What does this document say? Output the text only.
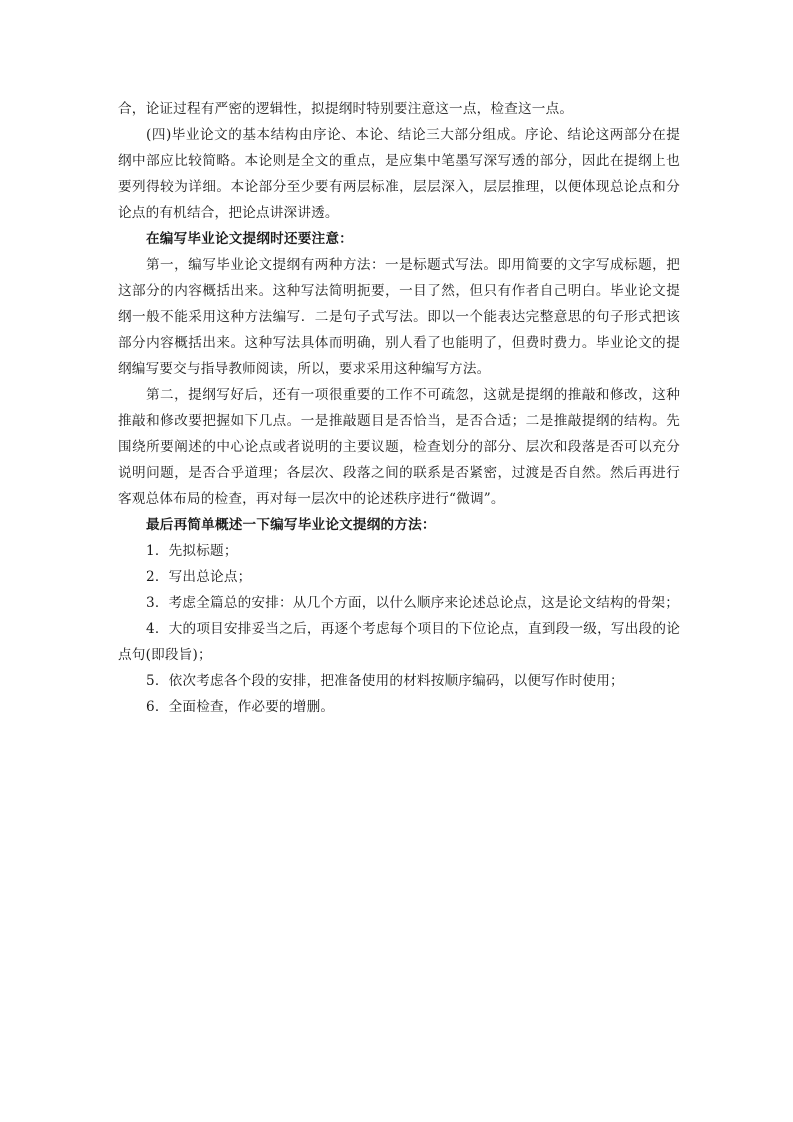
合，论证过程有严密的逻辑性，拟提纲时特别要注意这一点，检查这一点。

(四)毕业论文的基本结构由序论、本论、结论三大部分组成。序论、结论这两部分在提纲中部应比较简略。本论则是全文的重点，是应集中笔墨写深写透的部分，因此在提纲上也要列得较为详细。本论部分至少要有两层标准，层层深入，层层推理，以便体现总论点和分论点的有机结合，把论点讲深讲透。

在编写毕业论文提纲时还要注意：

第一，编写毕业论文提纲有两种方法：一是标题式写法。即用简要的文字写成标题，把这部分的内容概括出来。这种写法简明扼要，一目了然，但只有作者自己明白。毕业论文提纲一般不能采用这种方法编写．二是句子式写法。即以一个能表达完整意思的句子形式把该部分内容概括出来。这种写法具体而明确，别人看了也能明了，但费时费力。毕业论文的提纲编写要交与指导教师阅读，所以，要求采用这种编写方法。

第二，提纲写好后，还有一项很重要的工作不可疏忽，这就是提纲的推敲和修改，这种推敲和修改要把握如下几点。一是推敲题目是否恰当，是否合适；二是推敲提纲的结构。先围绕所要阐述的中心论点或者说明的主要议题，检查划分的部分、层次和段落是否可以充分说明问题，是否合乎道理；各层次、段落之间的联系是否紧密，过渡是否自然。然后再进行客观总体布局的检查，再对每一层次中的论述秩序进行“微调”。

最后再简单概述一下编写毕业论文提纲的方法：

1．先拟标题；

2．写出总论点；

3．考虑全篇总的安排：从几个方面，以什么顺序来论述总论点，这是论文结构的骨架；

4．大的项目安排妥当之后，再逐个考虑每个项目的下位论点，直到段一级，写出段的论点句(即段旨)；

5．依次考虑各个段的安排，把准备使用的材料按顺序编码，以便写作时使用；

6．全面检查，作必要的增删。
